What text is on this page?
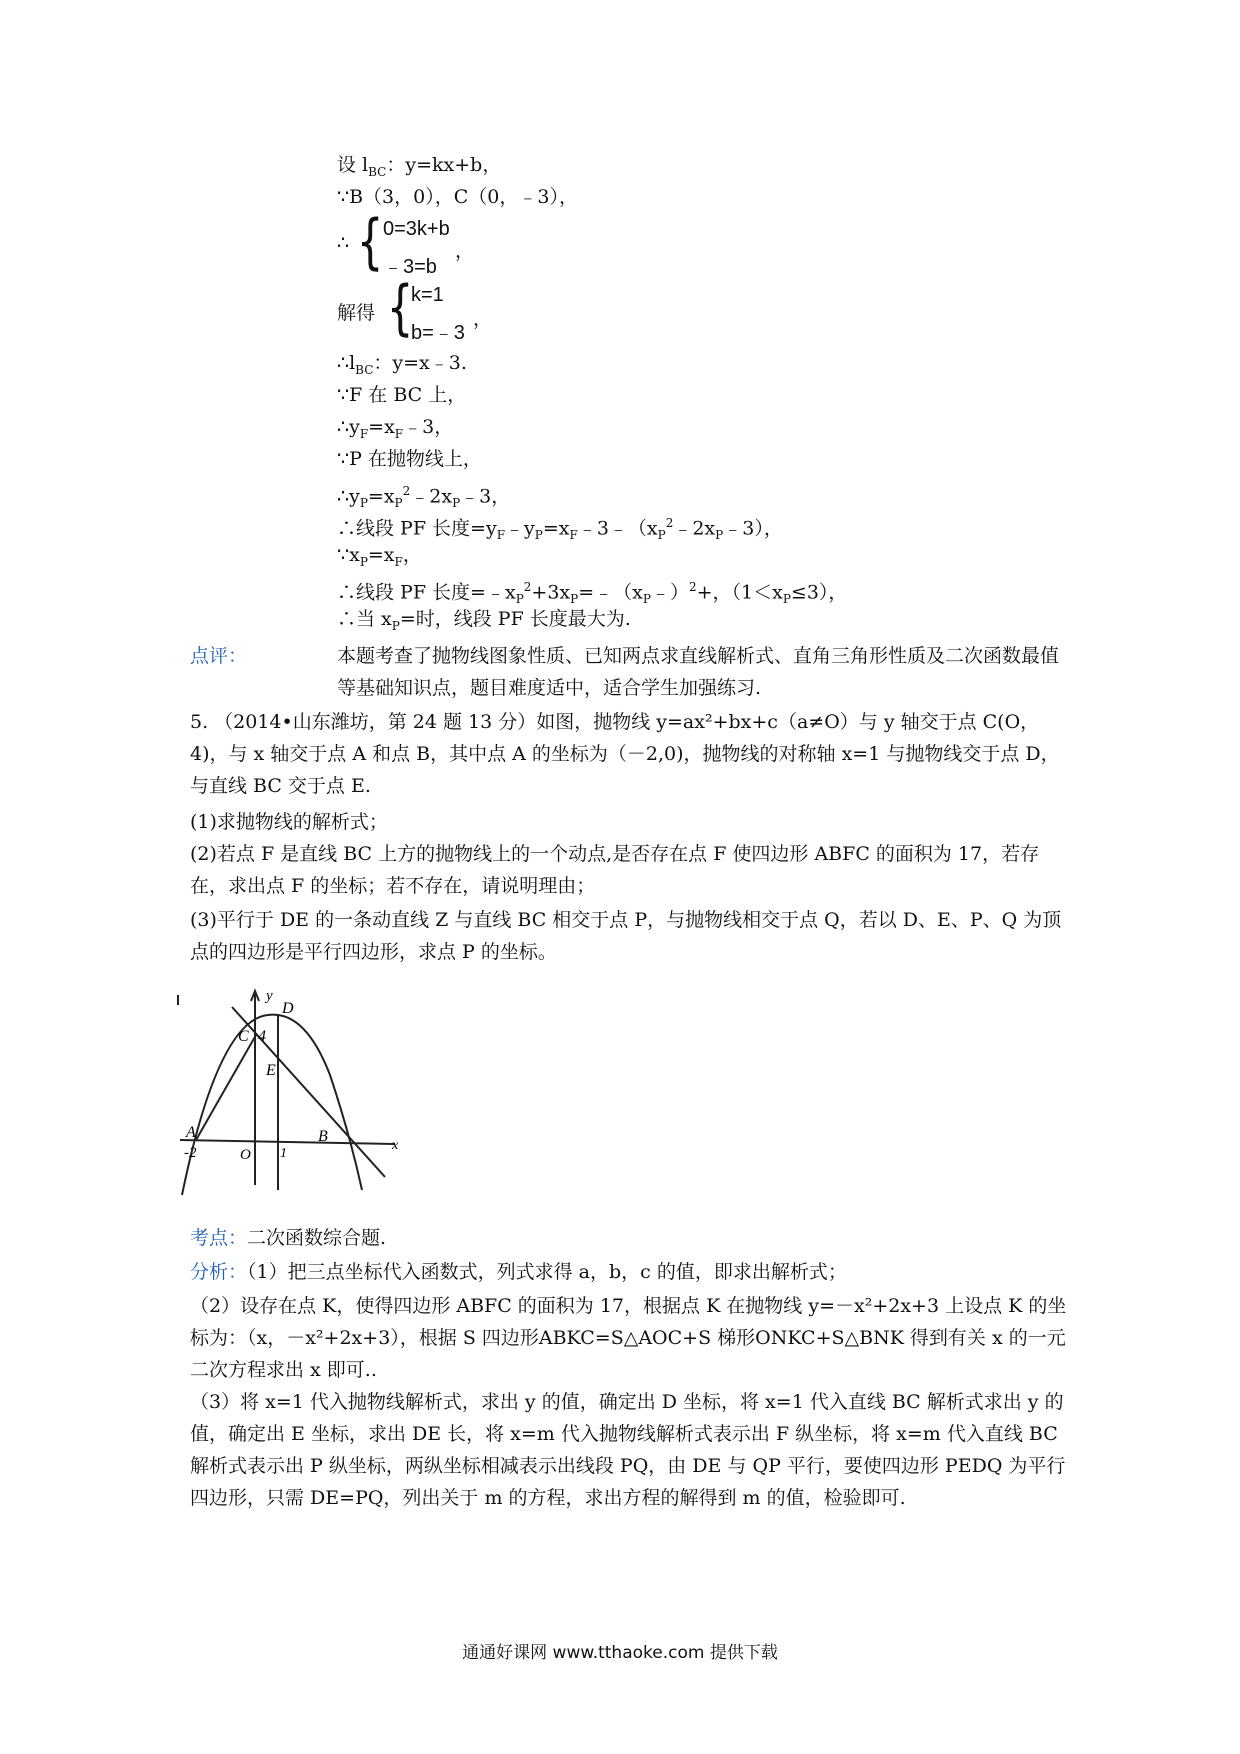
设 $l_{BC}$：y=kx+b，
∵B（3，0），C（0，﹣3），
∴ { 0=3k+b
﹣3=b
，
解得 {
k=1
b=﹣3
，
$\therefore l_{BC}$：y=x﹣3.
∵F 在 BC 上，
$\therefore y_F=x_F﹣3$，
∵P 在抛物线上，
$\therefore y_P=x_P^2﹣2x_P﹣3$，
∴线段 PF 长度$=y_F﹣y_P=x_F﹣3﹣(x_P^2﹣2x_P﹣3)$，
$\because x_P=x_F$，
∴线段 PF 长度$=﹣x_P^2+3x_P=﹣(x_P﹣)^2+$，$(1<x_P\le 3)$，
∴当 $x_P=$时，线段 PF 长度最大为.
点评：	本题考查了抛物线图象性质、已知两点求直线解析式、直角三角形性质及二次函数最值等基础知识点，题目难度适中，适合学生加强练习.
5. （2014•山东潍坊，第 24 题 13 分）如图，抛物线 y=ax²+bx+c（a≠O）与 y 轴交于点 C(O，4)，与 x 轴交于点 A 和点 B，其中点 A 的坐标为（－2,0)，抛物线的对称轴 x=1 与抛物线交于点 D，与直线 BC 交于点 E.
(1)求抛物线的解析式；
(2)若点 F 是直线 BC 上方的抛物线上的一个动点,是否存在点 F 使四边形 ABFC 的面积为 17，若存在，求出点 F 的坐标；若不存在，请说明理由；
(3)平行于 DE 的一条动直线 Z 与直线 BC 相交于点 P，与抛物线相交于点 Q，若以 D、E、P、Q 为顶点的四边形是平行四边形，求点 P 的坐标。
y
D
C 4
E
A
-2	O 1
B
x
考点：二次函数综合题.
分析：（1）把三点坐标代入函数式，列式求得 a，b，c 的值，即求出解析式；
（2）设存在点 K，使得四边形 ABFC 的面积为 17，根据点 K 在抛物线 y=－x²+2x+3 上设点 K 的坐标为：（x，－x²+2x+3），根据 S 四边形ABKC=S△AOC+S 梯形ONKC+S△BNK 得到有关 x 的一元二次方程求出 x 即可..
（3）将 x=1 代入抛物线解析式，求出 y 的值，确定出 D 坐标，将 x=1 代入直线 BC 解析式求出 y 的值，确定出 E 坐标，求出 DE 长，将 x=m 代入抛物线解析式表示出 F 纵坐标，将 x=m 代入直线 BC 解析式表示出 P 纵坐标，两纵坐标相减表示出线段 PQ，由 DE 与 QP 平行，要使四边形 PEDQ 为平行四边形，只需 DE=PQ，列出关于 m 的方程，求出方程的解得到 m 的值，检验即可.
通通好课网 www.tthaoke.com 提供下载
